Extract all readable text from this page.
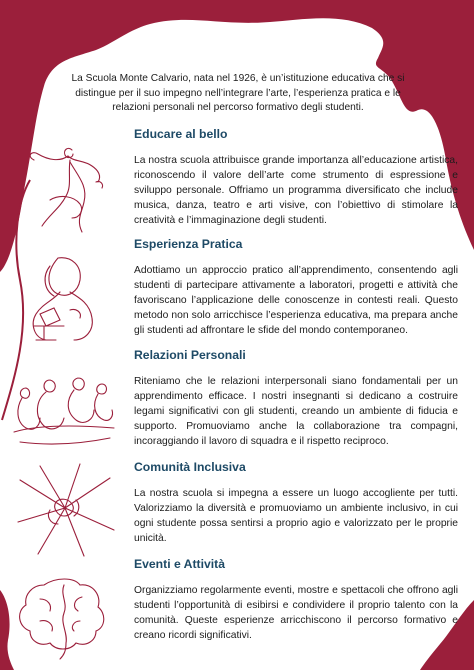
I NOSTRI PUNTI DI FORZA

La Scuola Monte Calvario, nata nel 1926, è un’istituzione educativa che si distingue per il suo impegno nell’integrare l’arte, l’esperienza pratica e le relazioni personali nel percorso formativo degli studenti.

Educare al bello

La nostra scuola attribuisce grande importanza all’educazione artistica, riconoscendo il valore dell’arte come strumento di espressione e sviluppo personale. Offriamo un programma diversificato che include musica, danza, teatro e arti visive, con l’obiettivo di stimolare la creatività e l’immaginazione degli studenti.

Esperienza Pratica

Adottiamo un approccio pratico all’apprendimento, consentendo agli studenti di partecipare attivamente a laboratori, progetti e attività che favoriscano l’applicazione delle conoscenze in contesti reali. Questo metodo non solo arricchisce l’esperienza educativa, ma prepara anche gli studenti ad affrontare le sfide del mondo contemporaneo.

Relazioni Personali

Riteniamo che le relazioni interpersonali siano fondamentali per un apprendimento efficace. I nostri insegnanti si dedicano a costruire legami significativi con gli studenti, creando un ambiente di fiducia e supporto. Promuoviamo anche la collaborazione tra compagni, incoraggiando il lavoro di squadra e il rispetto reciproco.

Comunità Inclusiva

La nostra scuola si impegna a essere un luogo accogliente per tutti. Valorizziamo la diversità e promuoviamo un ambiente inclusivo, in cui ogni studente possa sentirsi a proprio agio e valorizzato per le proprie unicità.

Eventi e Attività

Organizziamo regolarmente eventi, mostre e spettacoli che offrono agli studenti l’opportunità di esibirsi e condividere il proprio talento con la comunità. Queste esperienze arricchiscono il percorso formativo e creano ricordi significativi.
